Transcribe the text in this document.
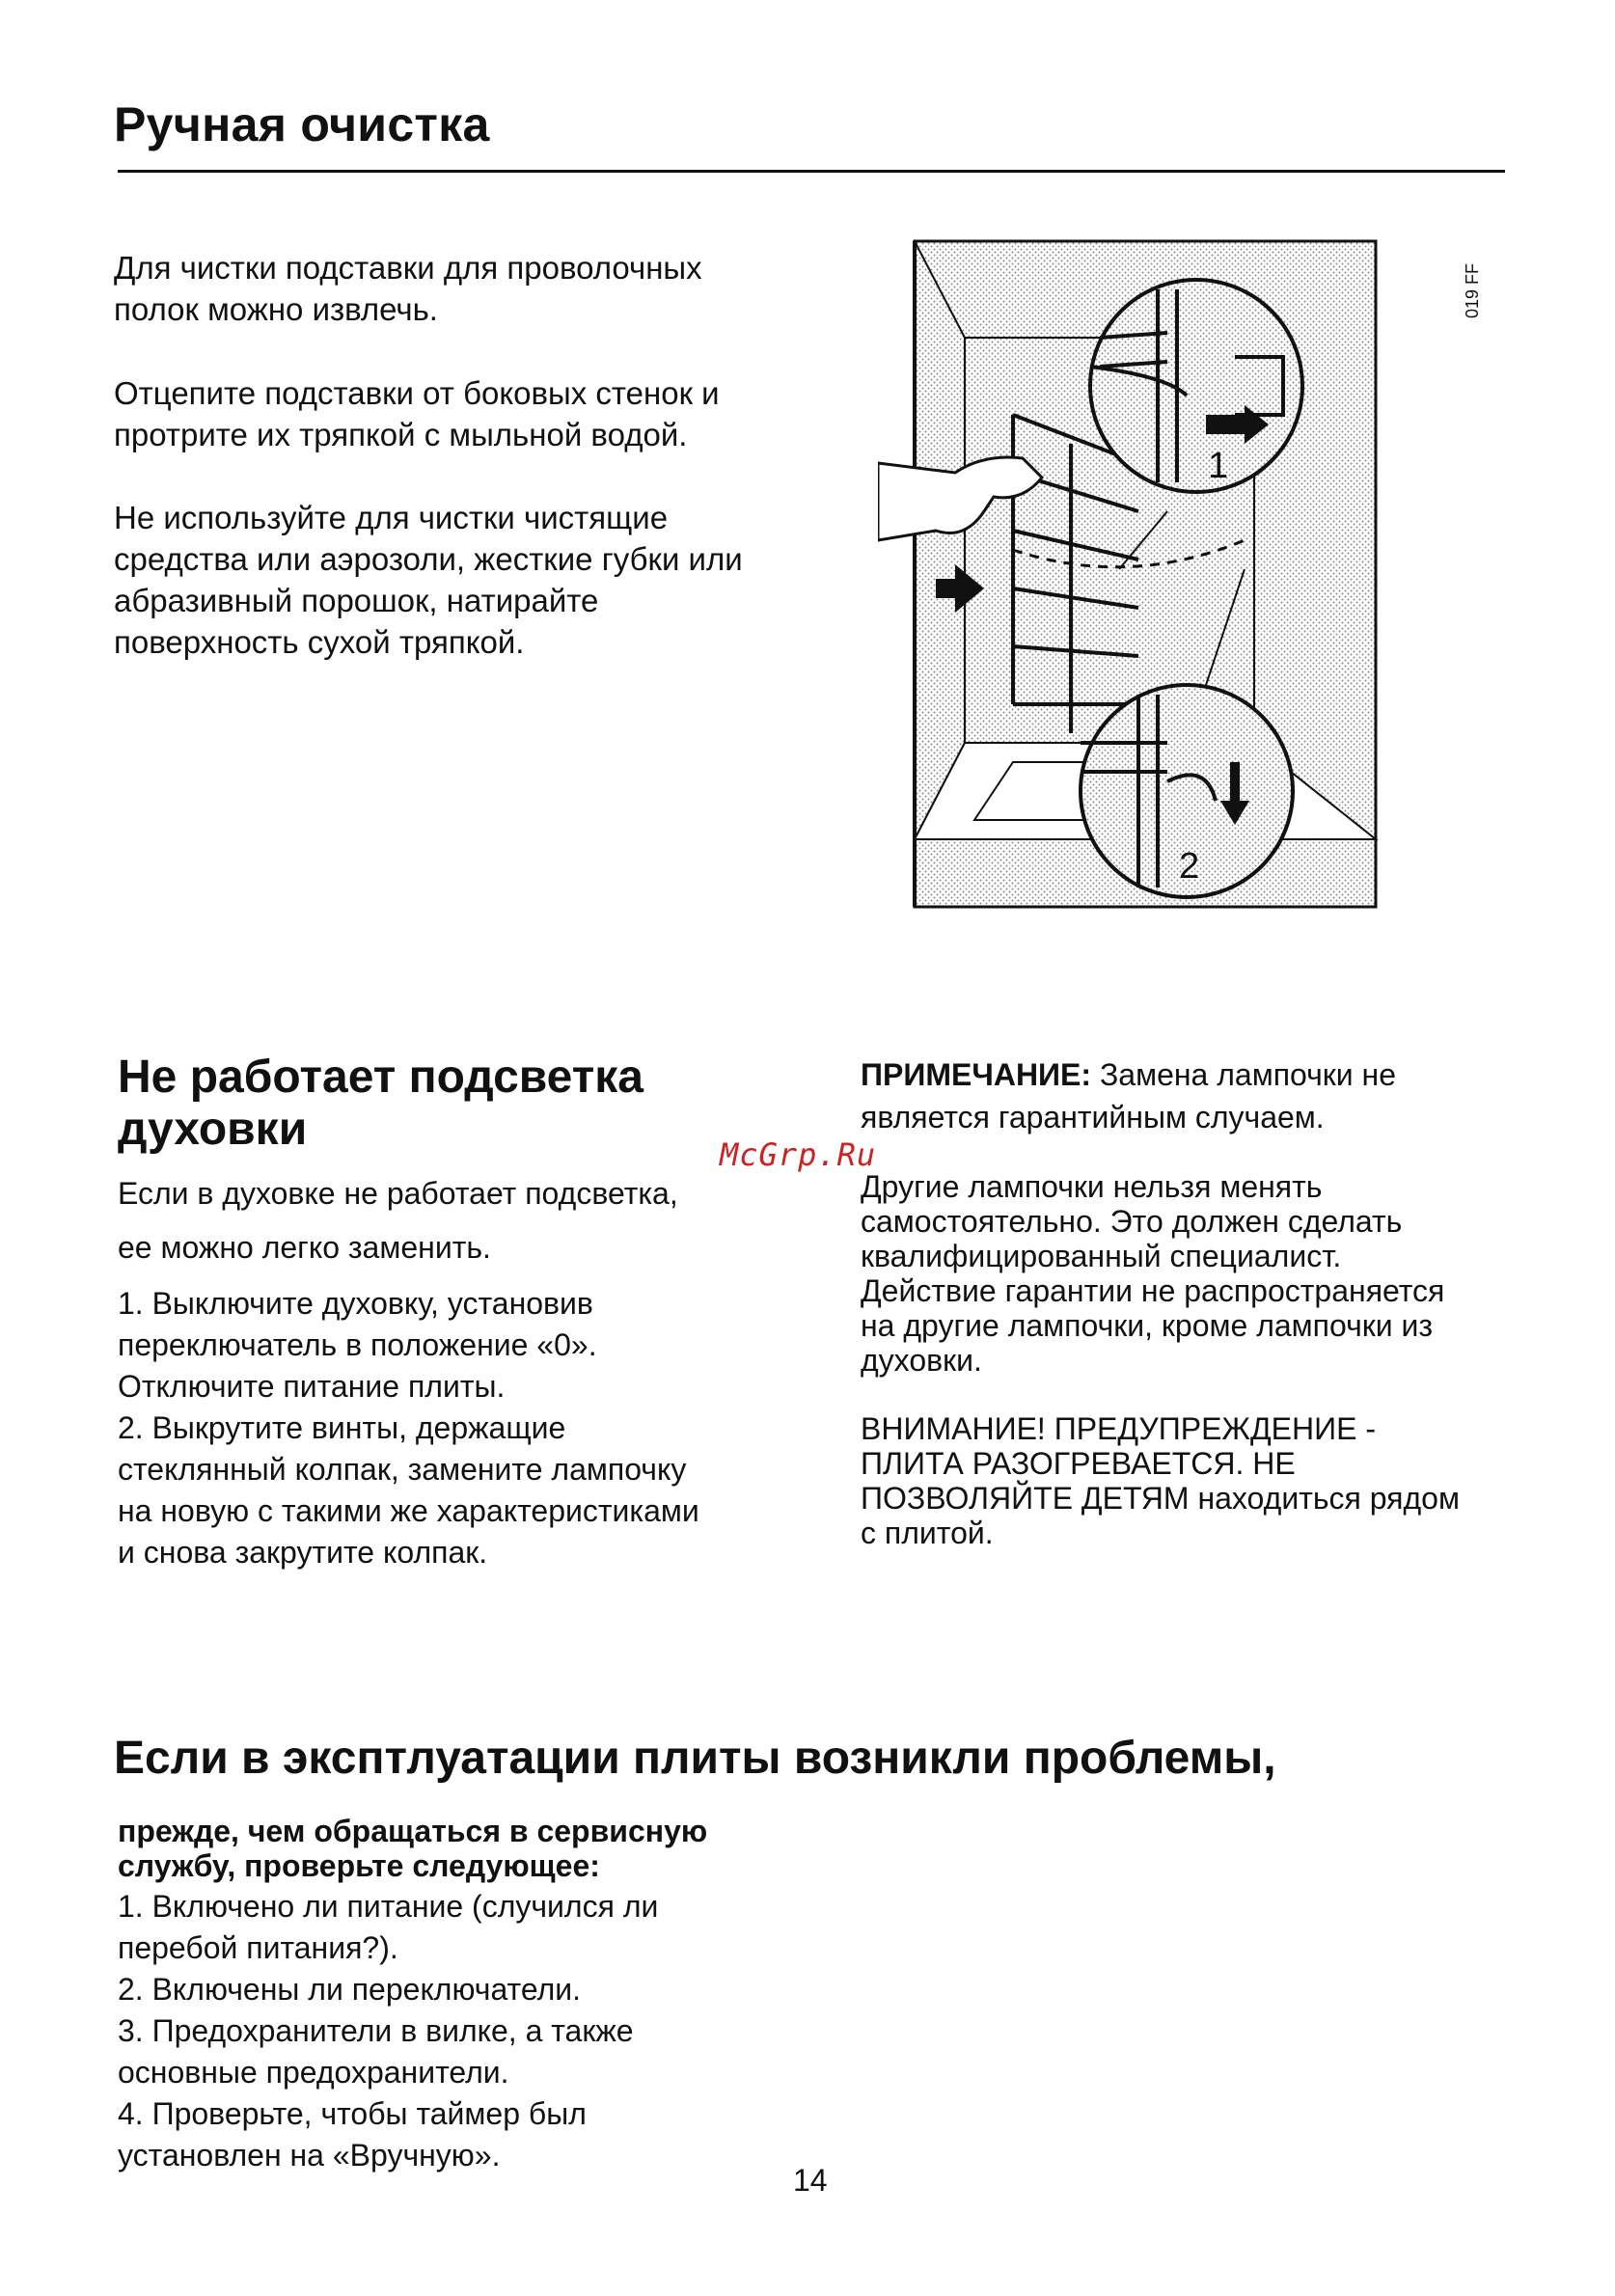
Ручная очистка

Для чистки подставки для проволочных
полок можно извлечь.

Отцепите подставки от боковых стенок и
протрите их тряпкой с мыльной водой.

Не используйте для чистки чистящие
средства или аэрозоли, жесткие губки или
абразивный порошок, натирайте
поверхность сухой тряпкой.

1
2
019 FF
Не работает подсветка
духовки

Если в духовке не работает подсветка,
ее можно легко заменить.

1. Выключите духовку, установив
переключатель в положение «0».
Отключите питание плиты.
2. Выкрутите винты, держащие
стеклянный колпак, замените лампочку
на новую с такими же характеристиками
и снова закрутите колпак.

McGrp.Ru

ПРИМЕЧАНИЕ: Замена лампочки не
является гарантийным случаем.

Другие лампочки нельзя менять
самостоятельно. Это должен сделать
квалифицированный специалист.
Действие гарантии не распространяется
на другие лампочки, кроме лампочки из
духовки.

ВНИМАНИЕ! ПРЕДУПРЕЖДЕНИЕ -
ПЛИТА РАЗОГРЕВАЕТСЯ. НЕ
ПОЗВОЛЯЙТЕ ДЕТЯМ находиться рядом
с плитой.

Если в эксптлуатации плиты возникли проблемы,

прежде, чем обращаться в сервисную
службу, проверьте следующее:

1. Включено ли питание (случился ли
перебой питания?).
2. Включены ли переключатели.
3. Предохранители в вилке, а также
основные предохранители.
4. Проверьте, чтобы таймер был
установлен на «Вручную».

14
